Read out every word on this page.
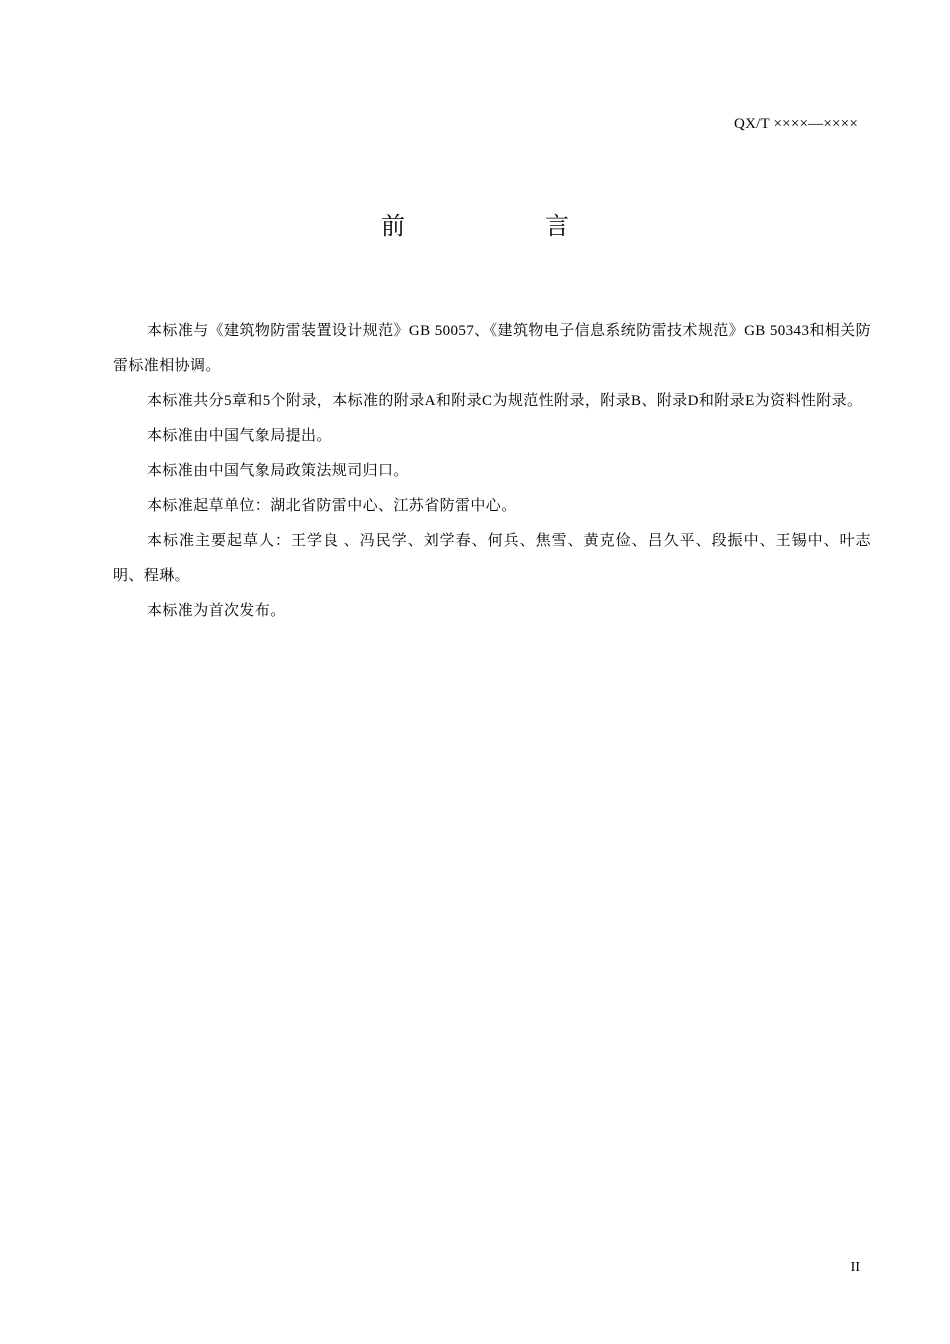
QX/T ××××—××××
前　言

本标准与《建筑物防雷装置设计规范》GB 50057、《建筑物电子信息系统防雷技术规范》GB 50343和相关防雷标准相协调。

本标准共分5章和5个附录，本标准的附录A和附录C为规范性附录，附录B、附录D和附录E为资料性附录。

本标准由中国气象局提出。

本标准由中国气象局政策法规司归口。

本标准起草单位：湖北省防雷中心、江苏省防雷中心。

本标准主要起草人：王学良 、冯民学、刘学春、何兵、焦雪、黄克俭、吕久平、段振中、王锡中、叶志明、程琳。

本标准为首次发布。

II
